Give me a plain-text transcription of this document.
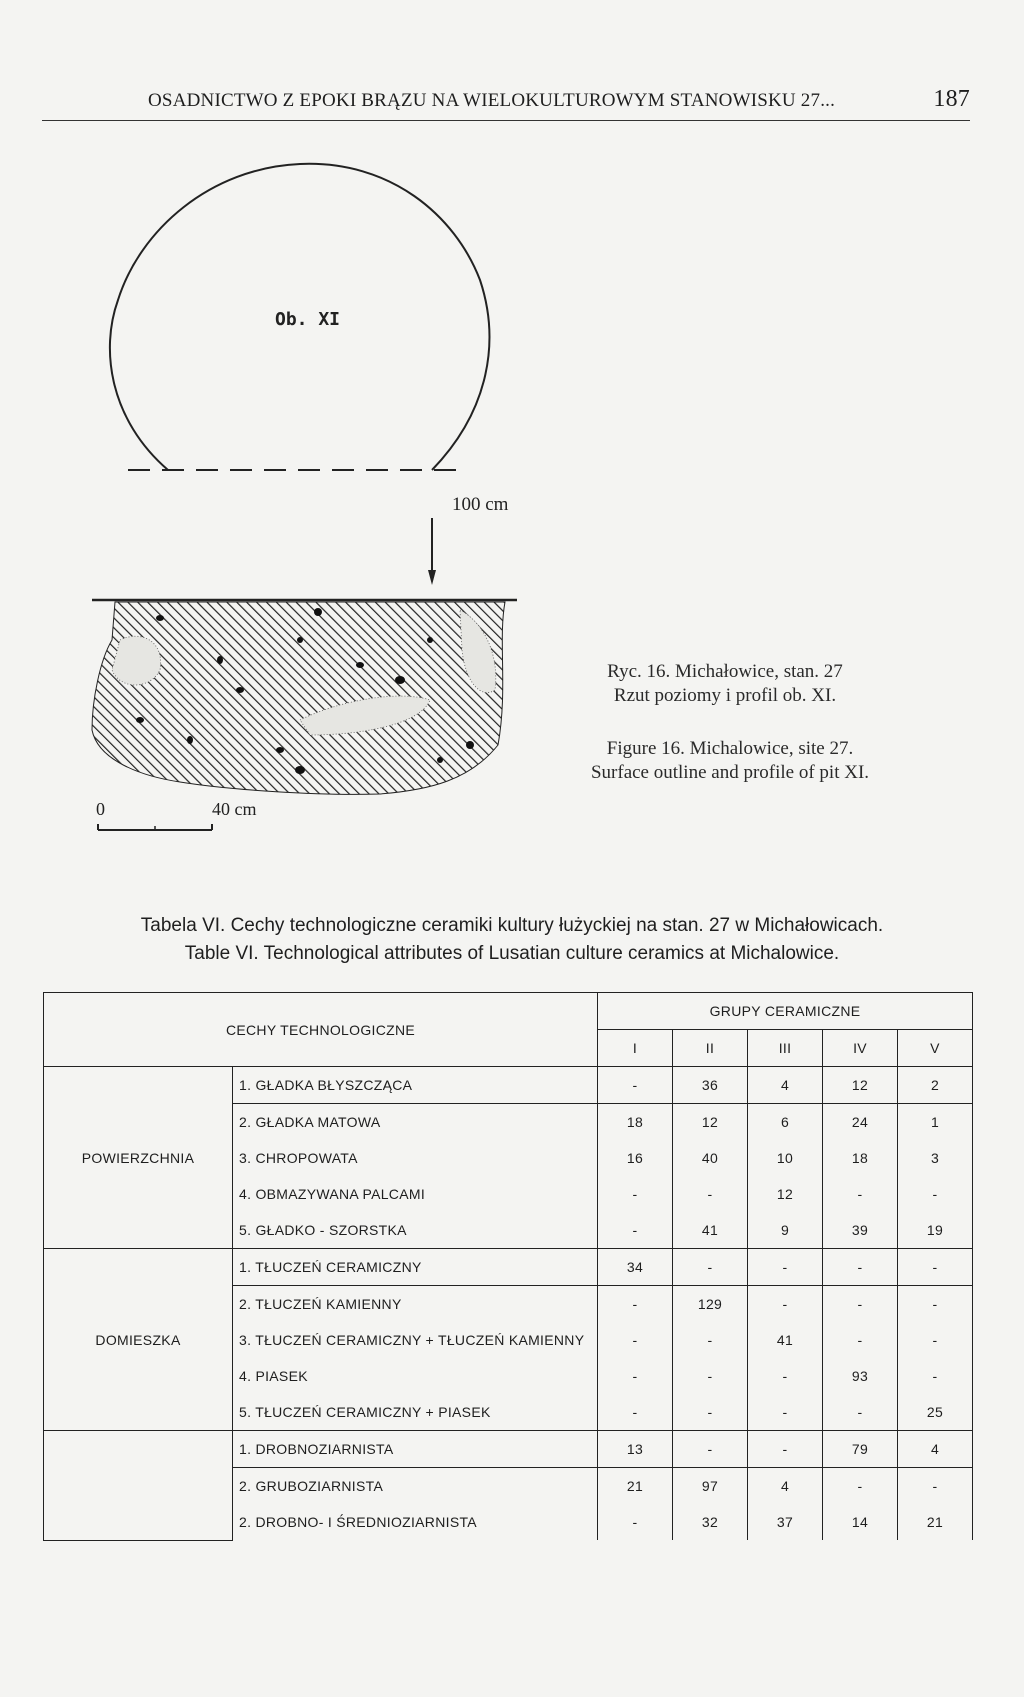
OSADNICTWO Z EPOKI BRĄZU NA WIELOKULTUROWYM STANOWISKU 27...	187
Ob. XI
100 cm
0	40 cm
Ryc. 16. Michałowice, stan. 27
Rzut poziomy i profil ob. XI.
Figure 16. Michalowice, site 27.
Surface outline and profile of pit XI.
Tabela VI. Cechy technologiczne ceramiki kultury łużyckiej na stan. 27 w Michałowicach.
Table VI. Technological attributes of Lusatian culture ceramics at Michalowice.
CECHY TECHNOLOGICZNE		GRUPY CERAMICZNE				
		I	II	III	IV	V
POWIERZCHNIA	1. GŁADKA BŁYSZCZĄCA	-	36	4	12	2
	2. GŁADKA MATOWA	18	12	6	24	1
	3. CHROPOWATA	16	40	10	18	3
	4. OBMAZYWANA PALCAMI	-	-	12	-	-
	5. GŁADKO - SZORSTKA	-	41	9	39	19
DOMIESZKA	1. TŁUCZEŃ CERAMICZNY	34	-	-	-	-
	2. TŁUCZEŃ KAMIENNY	-	129	-	-	-
	3. TŁUCZEŃ CERAMICZNY + TŁUCZEŃ KAMIENNY	-	-	41	-	-
	4. PIASEK	-	-	-	93	-
	5. TŁUCZEŃ CERAMICZNY + PIASEK	-	-	-	-	25
	1. DROBNOZIARNISTA	13	-	-	79	4
	2. GRUBOZIARNISTA	21	97	4	-	-
	2. DROBNO- I ŚREDNIOZIARNISTA	-	32	37	14	21
